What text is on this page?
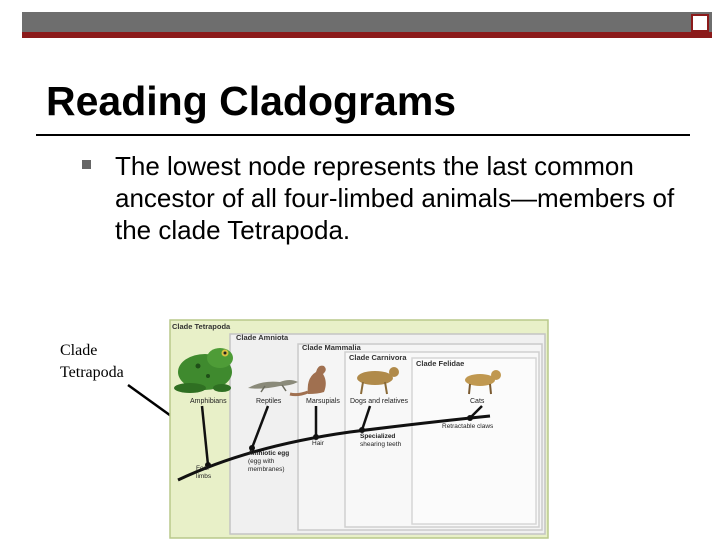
Reading Cladograms
The lowest node represents the last common ancestor of all four-limbed animals—members of the clade Tetrapoda.
Clade
Tetrapoda
Clade Tetrapoda
Clade Amniota
Clade Mammalia
Clade Carnivora
Clade Felidae
Amphibians	Reptiles	Marsupials Dogs and relatives	Cats
Four
limbs
Amniotic egg
(egg with
membranes)
Hair
Specialized
shearing teeth
Retractable claws
